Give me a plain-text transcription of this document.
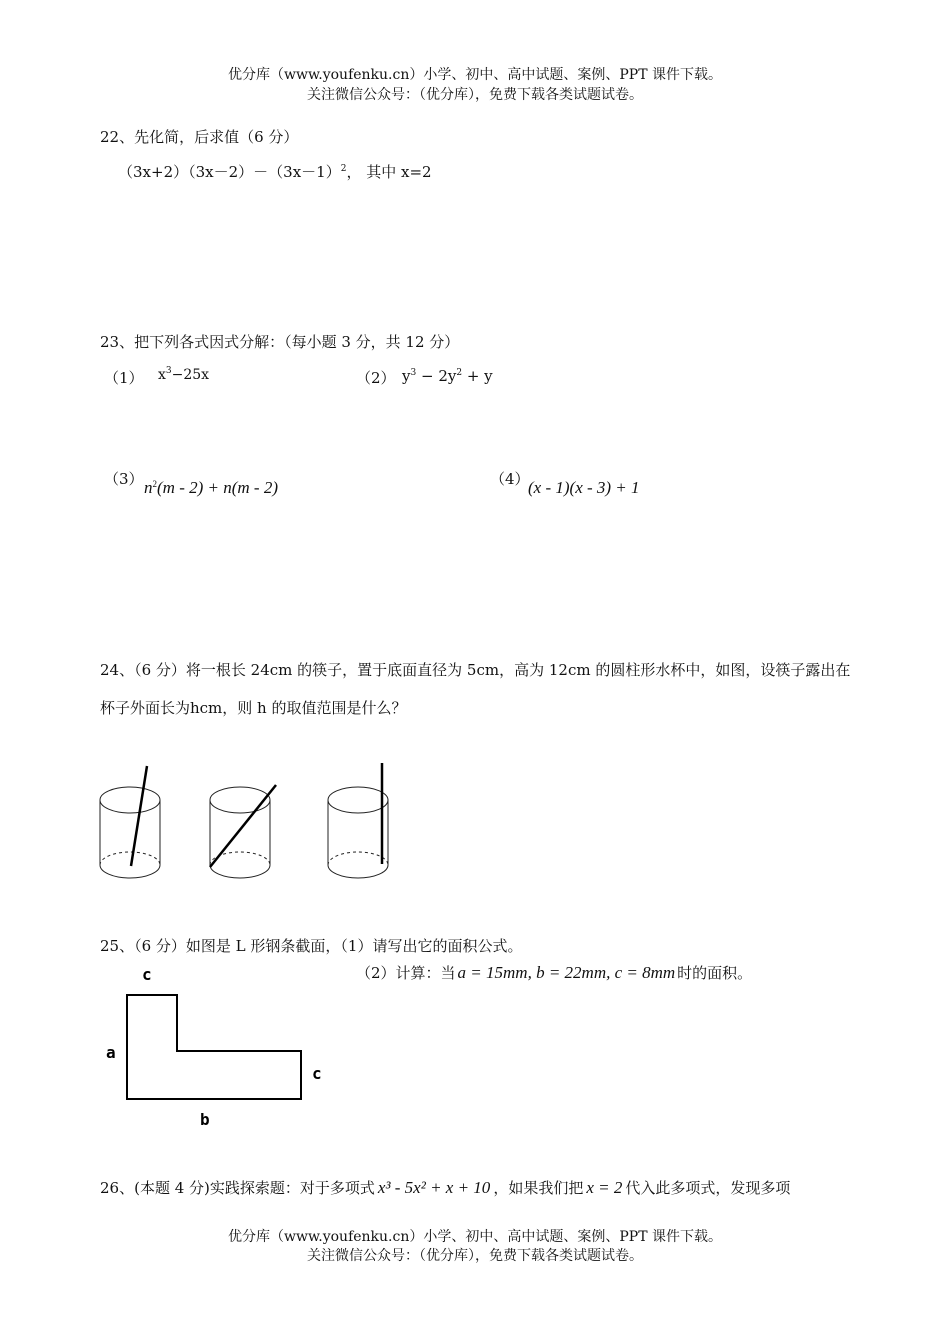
优分库（www.youfenku.cn）小学、初中、高中试题、案例、PPT 课件下载。
关注微信公众号：（优分库），免费下载各类试题试卷。
22、先化简，后求值（6 分）
$(3x+2)(3x-2)-(3x-1)^2$， 其中 x=2
23、把下列各式因式分解：（每小题 3 分，共 12 分）
（1） $x^3-25x$	（2） $y^3 - 2y^2 + y$
（3） $n^2(m - 2) + n(m - 2)$	（4）
(x - 1)(x - 3) + 1
24、（6 分）将一根长 24cm 的筷子，置于底面直径为 5cm，高为 12cm 的圆柱形水杯中，如图，设筷子露出在杯子外面长为hcm，则 h 的取值范围是什么？
25、（6 分）如图是 L 形钢条截面，（1）请写出它的面积公式。
（2）计算：当 a = 15mm, b = 22mm, c = 8mm 时的面积。
c
a
c
b
26、(本题 4 分)实践探索题：对于多项式 x³ - 5x² + x + 10 ，如果我们把 x = 2 代入此多项式，发现多项
优分库（www.youfenku.cn）小学、初中、高中试题、案例、PPT 课件下载。
关注微信公众号：（优分库），免费下载各类试题试卷。
